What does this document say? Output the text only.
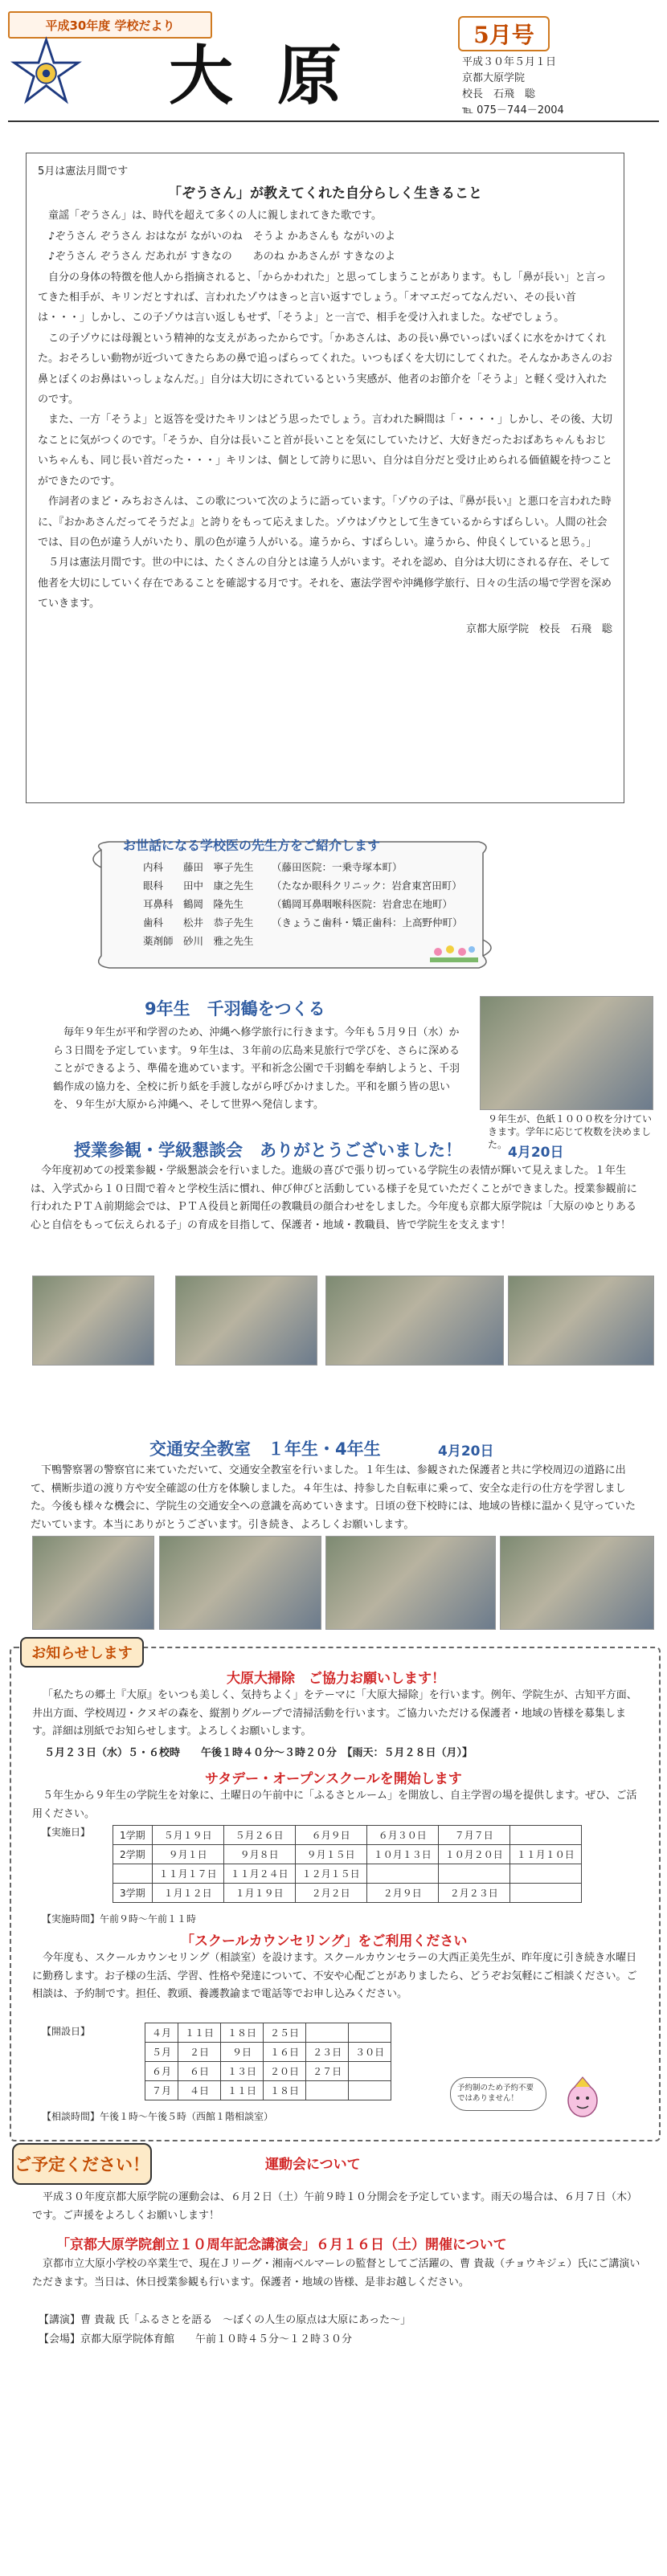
平成30年度 学校だより
大原
5月号
平成３０年５月１日
京都大原学院
校長　石飛　聡
℡ 075－744－2004
5月は憲法月間です
「ぞうさん」が教えてくれた自分らしく生きること

童謡「ぞうさん」は、時代を超えて多くの人に親しまれてきた歌です。

♪ぞうさん ぞうさん おはなが ながいのね　そうよ かあさんも ながいのよ

♪ぞうさん ぞうさん だあれが すきなの　　あのね かあさんが すきなのよ

自分の身体の特徴を他人から指摘されると、「からかわれた」と思ってしまうことがあります。もし「鼻が長い」と言ってきた相手が、キリンだとすれば、言われたゾウはきっと言い返すでしょう。「オマエだってなんだい、その長い首は・・・」しかし、この子ゾウは言い返しもせず、「そうよ」と一言で、相手を受け入れました。なぜでしょう。

この子ゾウには母親という精神的な支えがあったからです。「かあさんは、あの長い鼻でいっぱいぼくに水をかけてくれた。おそろしい動物が近づいてきたらあの鼻で追っぱらってくれた。いつもぼくを大切にしてくれた。そんなかあさんのお鼻とぼくのお鼻はいっしょなんだ。」自分は大切にされているという実感が、他者のお節介を「そうよ」と軽く受け入れたのです。

また、一方「そうよ」と返答を受けたキリンはどう思ったでしょう。言われた瞬間は「・・・・」しかし、その後、大切なことに気がつくのです。「そうか、自分は長いこと首が長いことを気にしていたけど、大好きだったおばあちゃんもおじいちゃんも、同じ長い首だった・・・」キリンは、個として誇りに思い、自分は自分だと受け止められる価値観を持つことができたのです。

作詞者のまど・みちおさんは、この歌について次のように語っています。「ゾウの子は、『鼻が長い』と悪口を言われた時に、『おかあさんだってそうだよ』と誇りをもって応えました。ゾウはゾウとして生きているからすばらしい。人間の社会では、目の色が違う人がいたり、肌の色が違う人がいる。違うから、すばらしい。違うから、仲良くしていると思う。」

５月は憲法月間です。世の中には、たくさんの自分とは違う人がいます。それを認め、自分は大切にされる存在、そして他者を大切にしていく存在であることを確認する月です。それを、憲法学習や沖縄修学旅行、日々の生活の場で学習を深めていきます。

京都大原学院　校長　石飛　聡
お世話になる学校医の先生方をご紹介します
内科 藤田　寧子先生 （藤田医院：一乗寺塚本町）
眼科 田中　康之先生 （たなか眼科クリニック：岩倉東宮田町）
耳鼻科 鶴岡　隆先生	（鶴岡耳鼻咽喉科医院：岩倉忠在地町）
歯科 松井　恭子先生 （きょうこ歯科・矯正歯科：上高野仲町）
薬剤師 砂川　雅之先生
9年生　千羽鶴をつくる
毎年９年生が平和学習のため、沖縄へ修学旅行に行きます。今年も５月９日（水）から３日間を予定しています。９年生は、３年前の広島来見旅行で学びを、さらに深めることができるよう、準備を進めています。平和祈念公園で千羽鶴を奉納しようと、千羽鶴作成の協力を、全校に折り紙を手渡しながら呼びかけました。平和を願う皆の思いを、９年生が大原から沖縄へ、そして世界へ発信します。
９年生が、色紙１０００枚を分けていきます。学年に応じて枚数を決めました。
授業参観・学級懇談会　ありがとうございました！	4月20日
今年度初めての授業参観・学級懇談会を行いました。進級の喜びで張り切っている学院生の表情が輝いて見えました。１年生は、入学式から１０日間で着々と学校生活に慣れ、伸び伸びと活動している様子を見ていただくことができました。授業参観前に行われたＰＴＡ前期総会では、ＰＴＡ役員と新聞任の教職員の顔合わせをしました。今年度も京都大原学院は「大原のゆとりある心と自信をもって伝えられる子」の育成を目指して、保護者・地域・教職員、皆で学院生を支えます！
交通安全教室　１年生・4年生	4月20日
下鴨警察署の警察官に来ていただいて、交通安全教室を行いました。１年生は、参観された保護者と共に学校周辺の道路に出て、横断歩道の渡り方や安全確認の仕方を体験しました。４年生は、持参した自転車に乗って、安全な走行の仕方を学習しました。今後も様々な機会に、学院生の交通安全への意識を高めていきます。日頃の登下校時には、地域の皆様に温かく見守っていただいています。本当にありがとうございます。引き続き、よろしくお願いします。
お知らせします
大原大掃除　ご協力お願いします！
「私たちの郷土『大原』をいつも美しく、気持ちよく」をテーマに「大原大掃除」を行います。例年、学院生が、古知平方面、井出方面、学校周辺・クヌギの森を、縦割りグループで清掃活動を行います。ご協力いただける保護者・地域の皆様を募集します。詳細は別紙でお知らせします。よろしくお願いします。
５月２３日（水）５・６校時　　午後１時４０分～３時２０分　【雨天：５月２８日（月）】
サタデー・オープンスクールを開始します
５年生から９年生の学院生を対象に、土曜日の午前中に「ふるさとルーム」を開放し、自主学習の場を提供します。ぜひ、ご活用ください。
【実施日】	1学期	５月１９日	５月２６日	６月９日	６月３０日	７月７日	
2学期	９月１日	９月８日	９月１５日	１０月１３日	１０月２０日	１１月１０日
	１１月１７日	１１月２４日	１２月１５日			
3学期	１月１２日	１月１９日	２月２日	２月９日	２月２３日	
【実施時間】午前９時～午前１１時
「スクールカウンセリング」をご利用ください
今年度も、スクールカウンセリング（相談室）を設けます。スクールカウンセラーの大西正美先生が、昨年度に引き続き水曜日に勤務します。お子様の生活、学習、性格や発達について、不安や心配ごとがありましたら、どうぞお気軽にご相談ください。ご相談は、予約制です。担任、教頭、養護教諭まで電話等でお申し込みください。
【開設日】	４月	１１日	１８日	２５日		
５月	２日	９日	１６日	２３日	３０日
６月	６日	１３日	２０日	２７日	
７月	４日	１１日	１８日		
【相談時間】午後１時～午後５時（西館１階相談室）
予約制のため予約不要ではありません！
ご予定ください！	運動会について
平成３０年度京都大原学院の運動会は、６月２日（土）午前９時１０分開会を予定しています。雨天の場合は、６月７日（木）です。ご声援をよろしくお願いします！
「京都大原学院創立１０周年記念講演会」６月１６日（土）開催について
京都市立大原小学校の卒業生で、現在Ｊリーグ・湘南ベルマーレの監督としてご活躍の、曹 貴裁（チョウキジェ）氏にご講演いただきます。当日は、休日授業参観も行います。保護者・地域の皆様、是非お越しください。
【講演】曹 貴裁 氏「ふるさとを語る　～ぼくの人生の原点は大原にあった～」
【会場】京都大原学院体育館　　午前１０時４５分～１２時３０分
